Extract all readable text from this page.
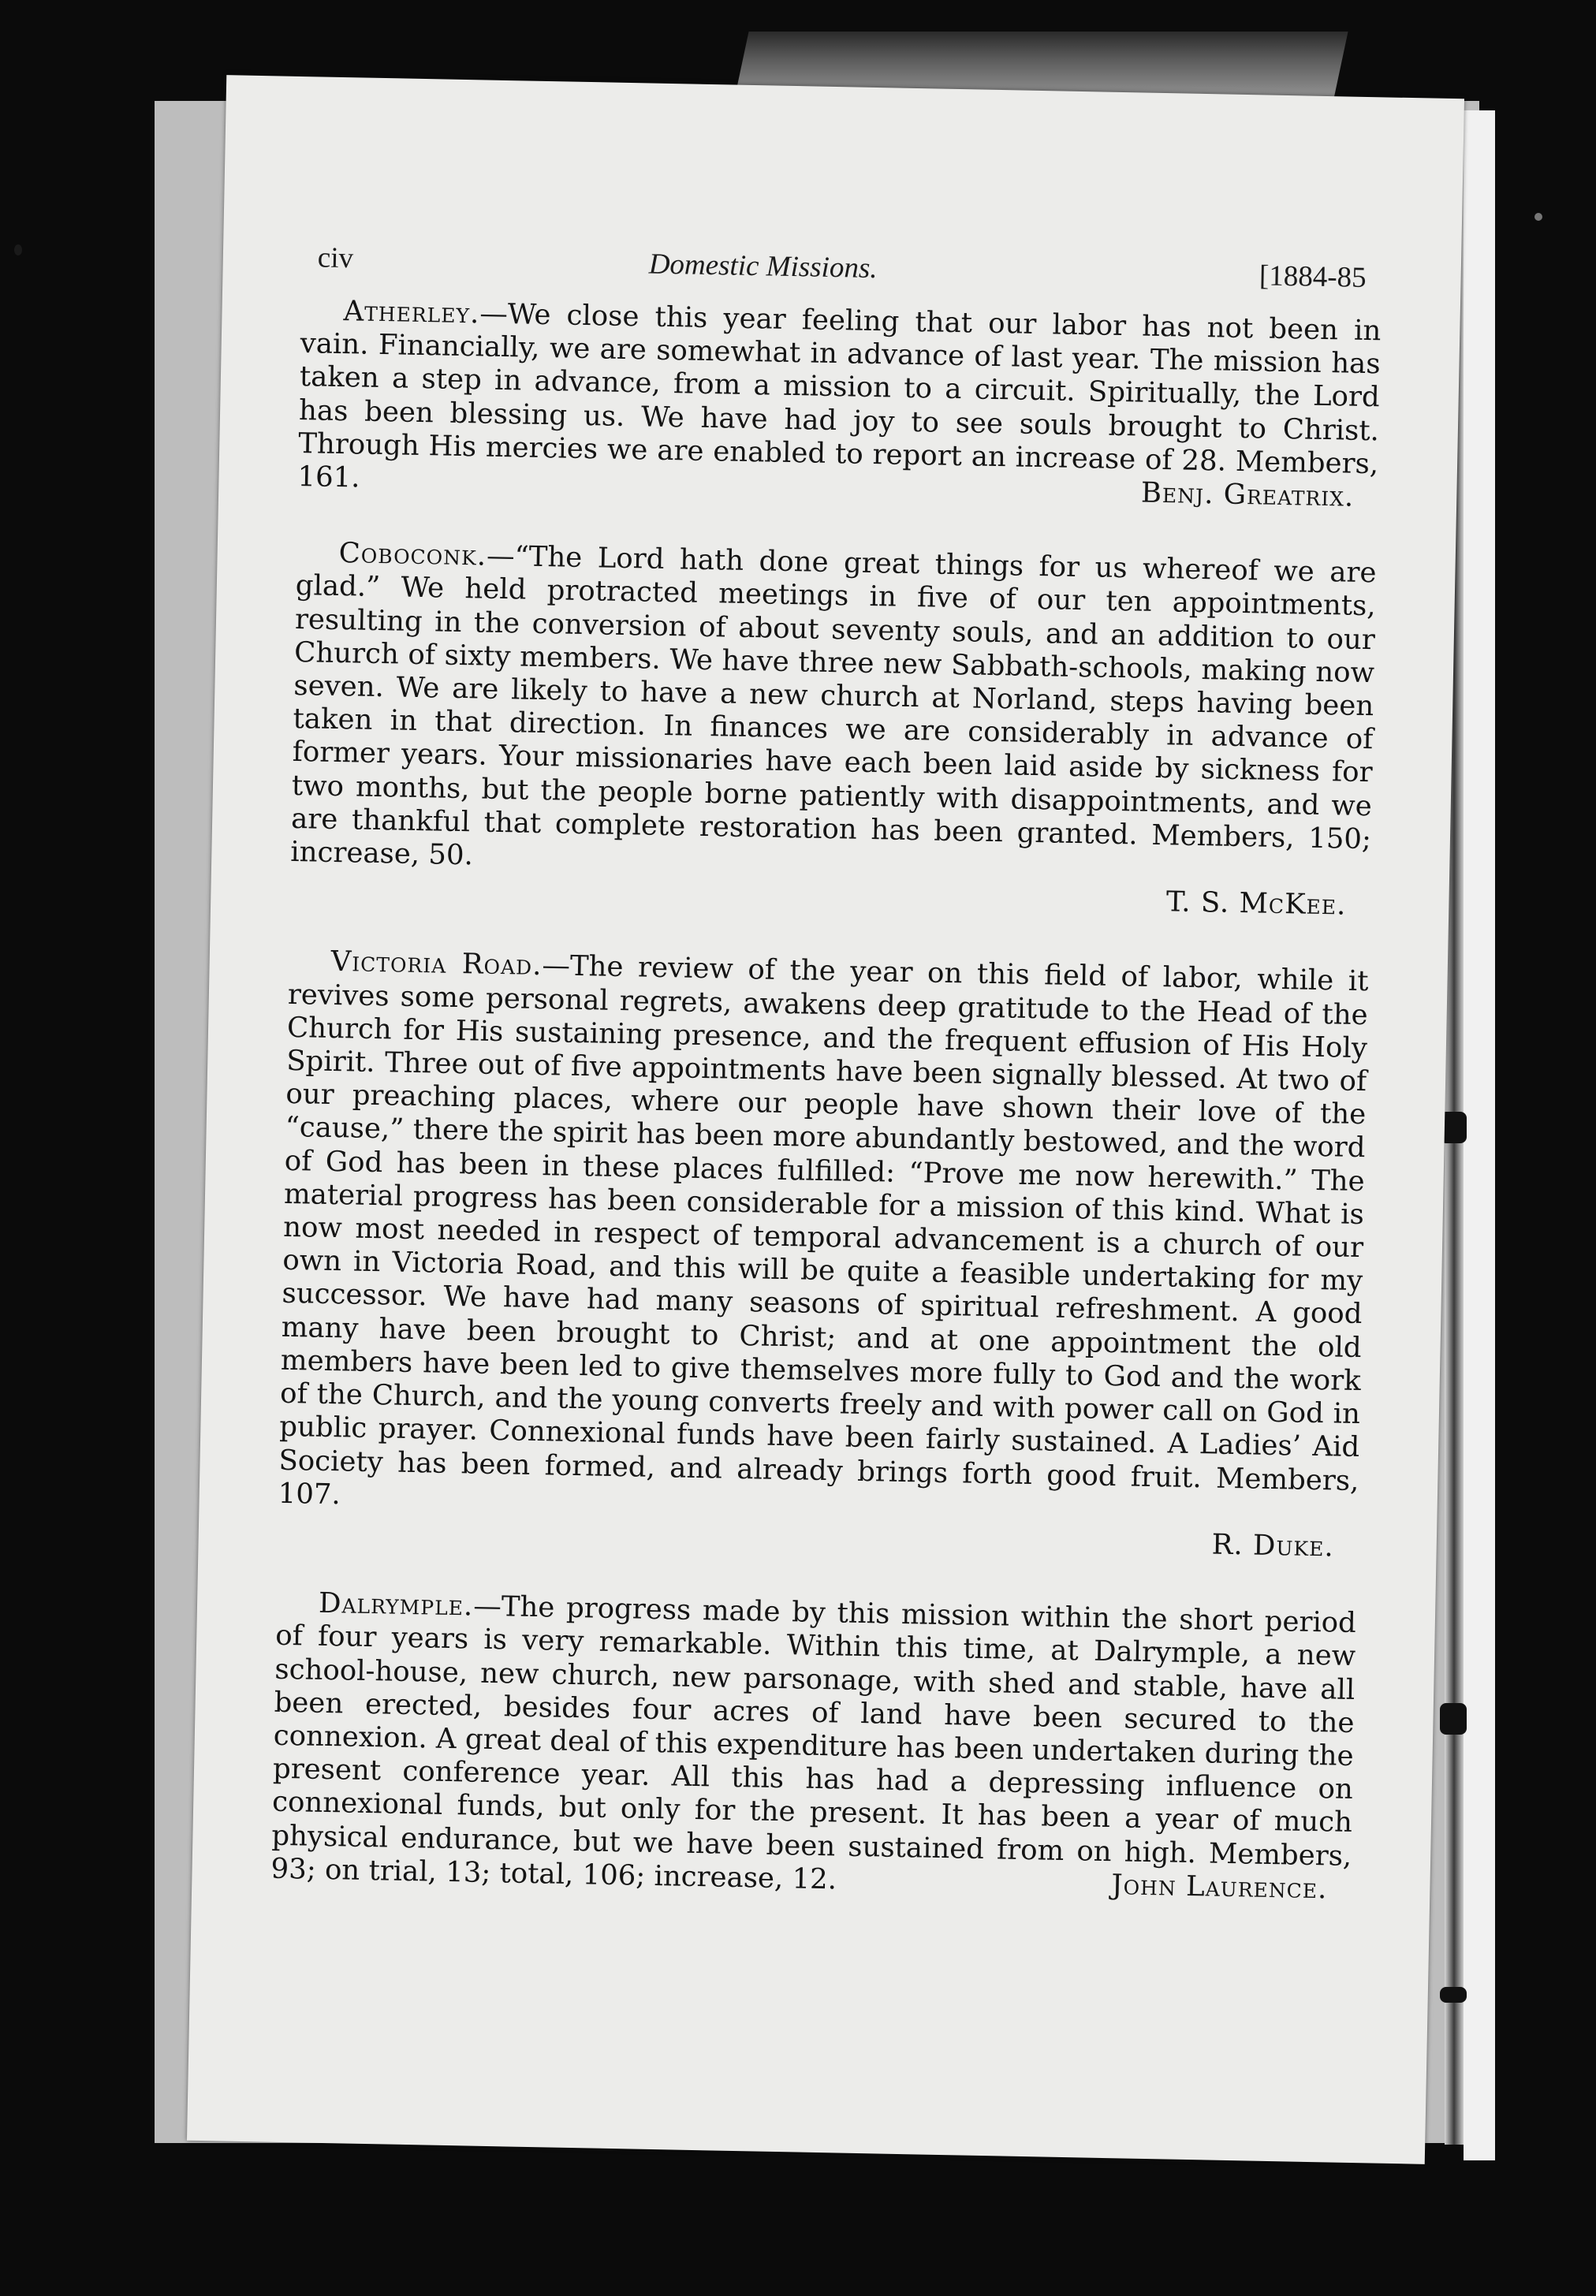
civ	Domestic Missions.	[1884-85

Atherley.—We close this year feeling that our labor has not been in vain. Financially, we are somewhat in advance of last year. The mission has taken a step in advance, from a mission to a circuit. Spiritually, the Lord has been blessing us. We have had joy to see souls brought to Christ. Through His mercies we are enabled to report an increase of 28. Members, 161.	Benj. Greatrix.

Coboconk.—“The Lord hath done great things for us whereof we are glad.” We held protracted meetings in five of our ten appointments, resulting in the conversion of about seventy souls, and an addition to our Church of sixty members. We have three new Sabbath-schools, making now seven. We are likely to have a new church at Norland, steps having been taken in that direction. In finances we are considerably in advance of former years. Your missionaries have each been laid aside by sickness for two months, but the people borne patiently with disappointments, and we are thankful that complete restoration has been granted. Members, 150; increase, 50.

T. S. McKee.

Victoria Road.—The review of the year on this field of labor, while it revives some personal regrets, awakens deep gratitude to the Head of the Church for His sustaining presence, and the frequent effusion of His Holy Spirit. Three out of five appointments have been signally blessed. At two of our preaching places, where our people have shown their love of the “cause,” there the spirit has been more abundantly bestowed, and the word of God has been in these places fulfilled: “Prove me now herewith.” The material progress has been considerable for a mission of this kind. What is now most needed in respect of temporal advancement is a church of our own in Victoria Road, and this will be quite a feasible undertaking for my successor. We have had many seasons of spiritual refreshment. A good many have been brought to Christ; and at one appointment the old members have been led to give themselves more fully to God and the work of the Church, and the young converts freely and with power call on God in public prayer. Connexional funds have been fairly sustained. A Ladies’ Aid Society has been formed, and already brings forth good fruit. Members, 107.

R. Duke.

Dalrymple.—The progress made by this mission within the short period of four years is very remarkable. Within this time, at Dalrymple, a new school-house, new church, new parsonage, with shed and stable, have all been erected, besides four acres of land have been secured to the connexion. A great deal of this expenditure has been undertaken during the present conference year. All this has had a depressing influence on connexional funds, but only for the present. It has been a year of much physical endurance, but we have been sustained from on high. Members, 93; on trial, 13; total, 106; increase, 12.	John Laurence.
